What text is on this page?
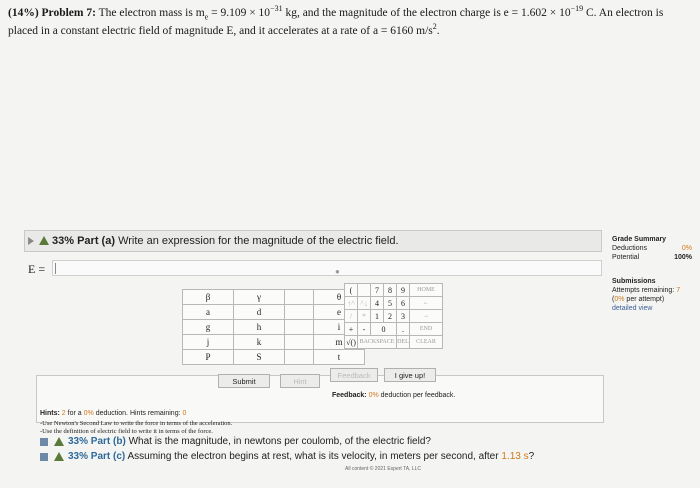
(14%) Problem 7: The electron mass is $m_e = 9.109 \times 10^{-31}$ kg, and the magnitude of the electron charge is $e = 1.602 \times 10^{-19}$ C. An electron is placed in a constant electric field of magnitude E, and it accelerates at a rate of a = 6160 $m/s^2$.
33% Part (a) Write an expression for the magnitude of the electric field.
E =
β	γ		θ
a	d		e
g	h		i
j	k		m
P	S		t
●
(		7	8	9	HOME
↑^	^↓	4	5	6	←
/	*	1	2	3	→
+	-	0		.	END
√()	BACKSPACE			DEL	CLEAR
Submit	Hint
Feedback	I give up!
Feedback: 0% deduction per feedback.
Hints: 2 for a 0% deduction. Hints remaining: 0
-Use Newton's Second Law to write the force in terms of the acceleration.
-Use the definition of electric field to write it in terms of the force.
33% Part (b) What is the magnitude, in newtons per coulomb, of the electric field?
33% Part (c) Assuming the electron begins at rest, what is its velocity, in meters per second, after 1.13 s?
All content © 2021 Expert TA, LLC
Grade Summary
Deductions	0%
Potential	100%
Submissions
Attempts remaining: 7
(0% per attempt)
detailed view
